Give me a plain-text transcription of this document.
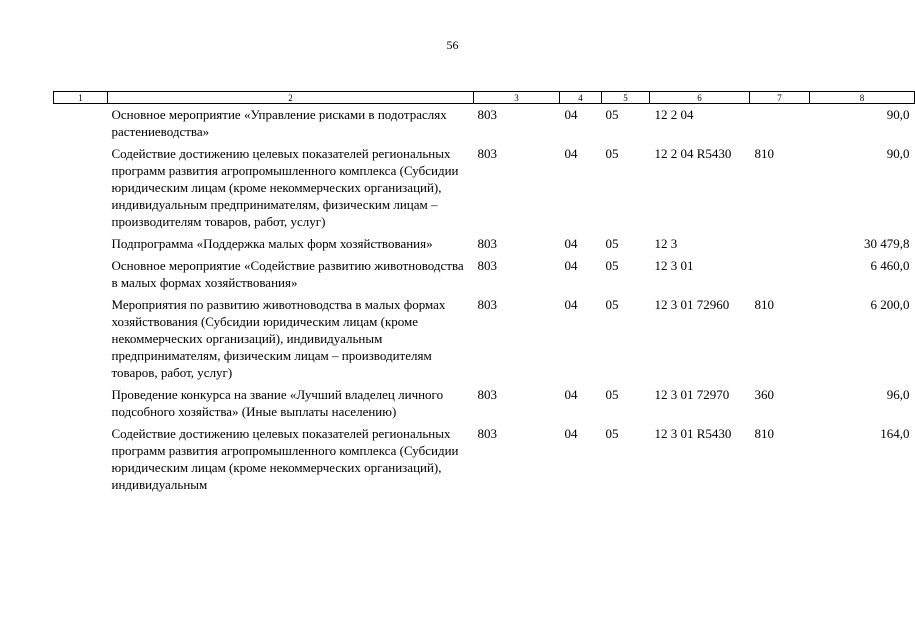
56
1	2	3	4	5	6	7	8
	Основное мероприятие «Управление рисками в подотраслях растениеводства»	803	04	05	12 2 04		90,0
	Содействие достижению целевых показателей региональных программ развития агропромышленного комплекса (Субсидии юридическим лицам (кроме некоммерческих организаций), индивидуальным предпринимателям, физическим лицам – производителям товаров, работ, услуг)	803	04	05	12 2 04 R5430	810	90,0
	Подпрограмма «Поддержка малых форм хозяйствования»	803	04	05	12 3		30 479,8
	Основное мероприятие «Содействие развитию животноводства в малых формах хозяйствования»	803	04	05	12 3 01		6 460,0
	Мероприятия по развитию животноводства в малых формах хозяйствования (Субсидии юридическим лицам (кроме некоммерческих организаций), индивидуальным предпринимателям, физическим лицам – производителям товаров, работ, услуг)	803	04	05	12 3 01 72960	810	6 200,0
	Проведение конкурса на звание «Лучший владелец личного подсобного хозяйства» (Иные выплаты населению)	803	04	05	12 3 01 72970	360	96,0
	Содействие достижению целевых показателей региональных программ развития агропромышленного комплекса (Субсидии юридическим лицам (кроме некоммерческих организаций), индивидуальным	803	04	05	12 3 01 R5430	810	164,0
